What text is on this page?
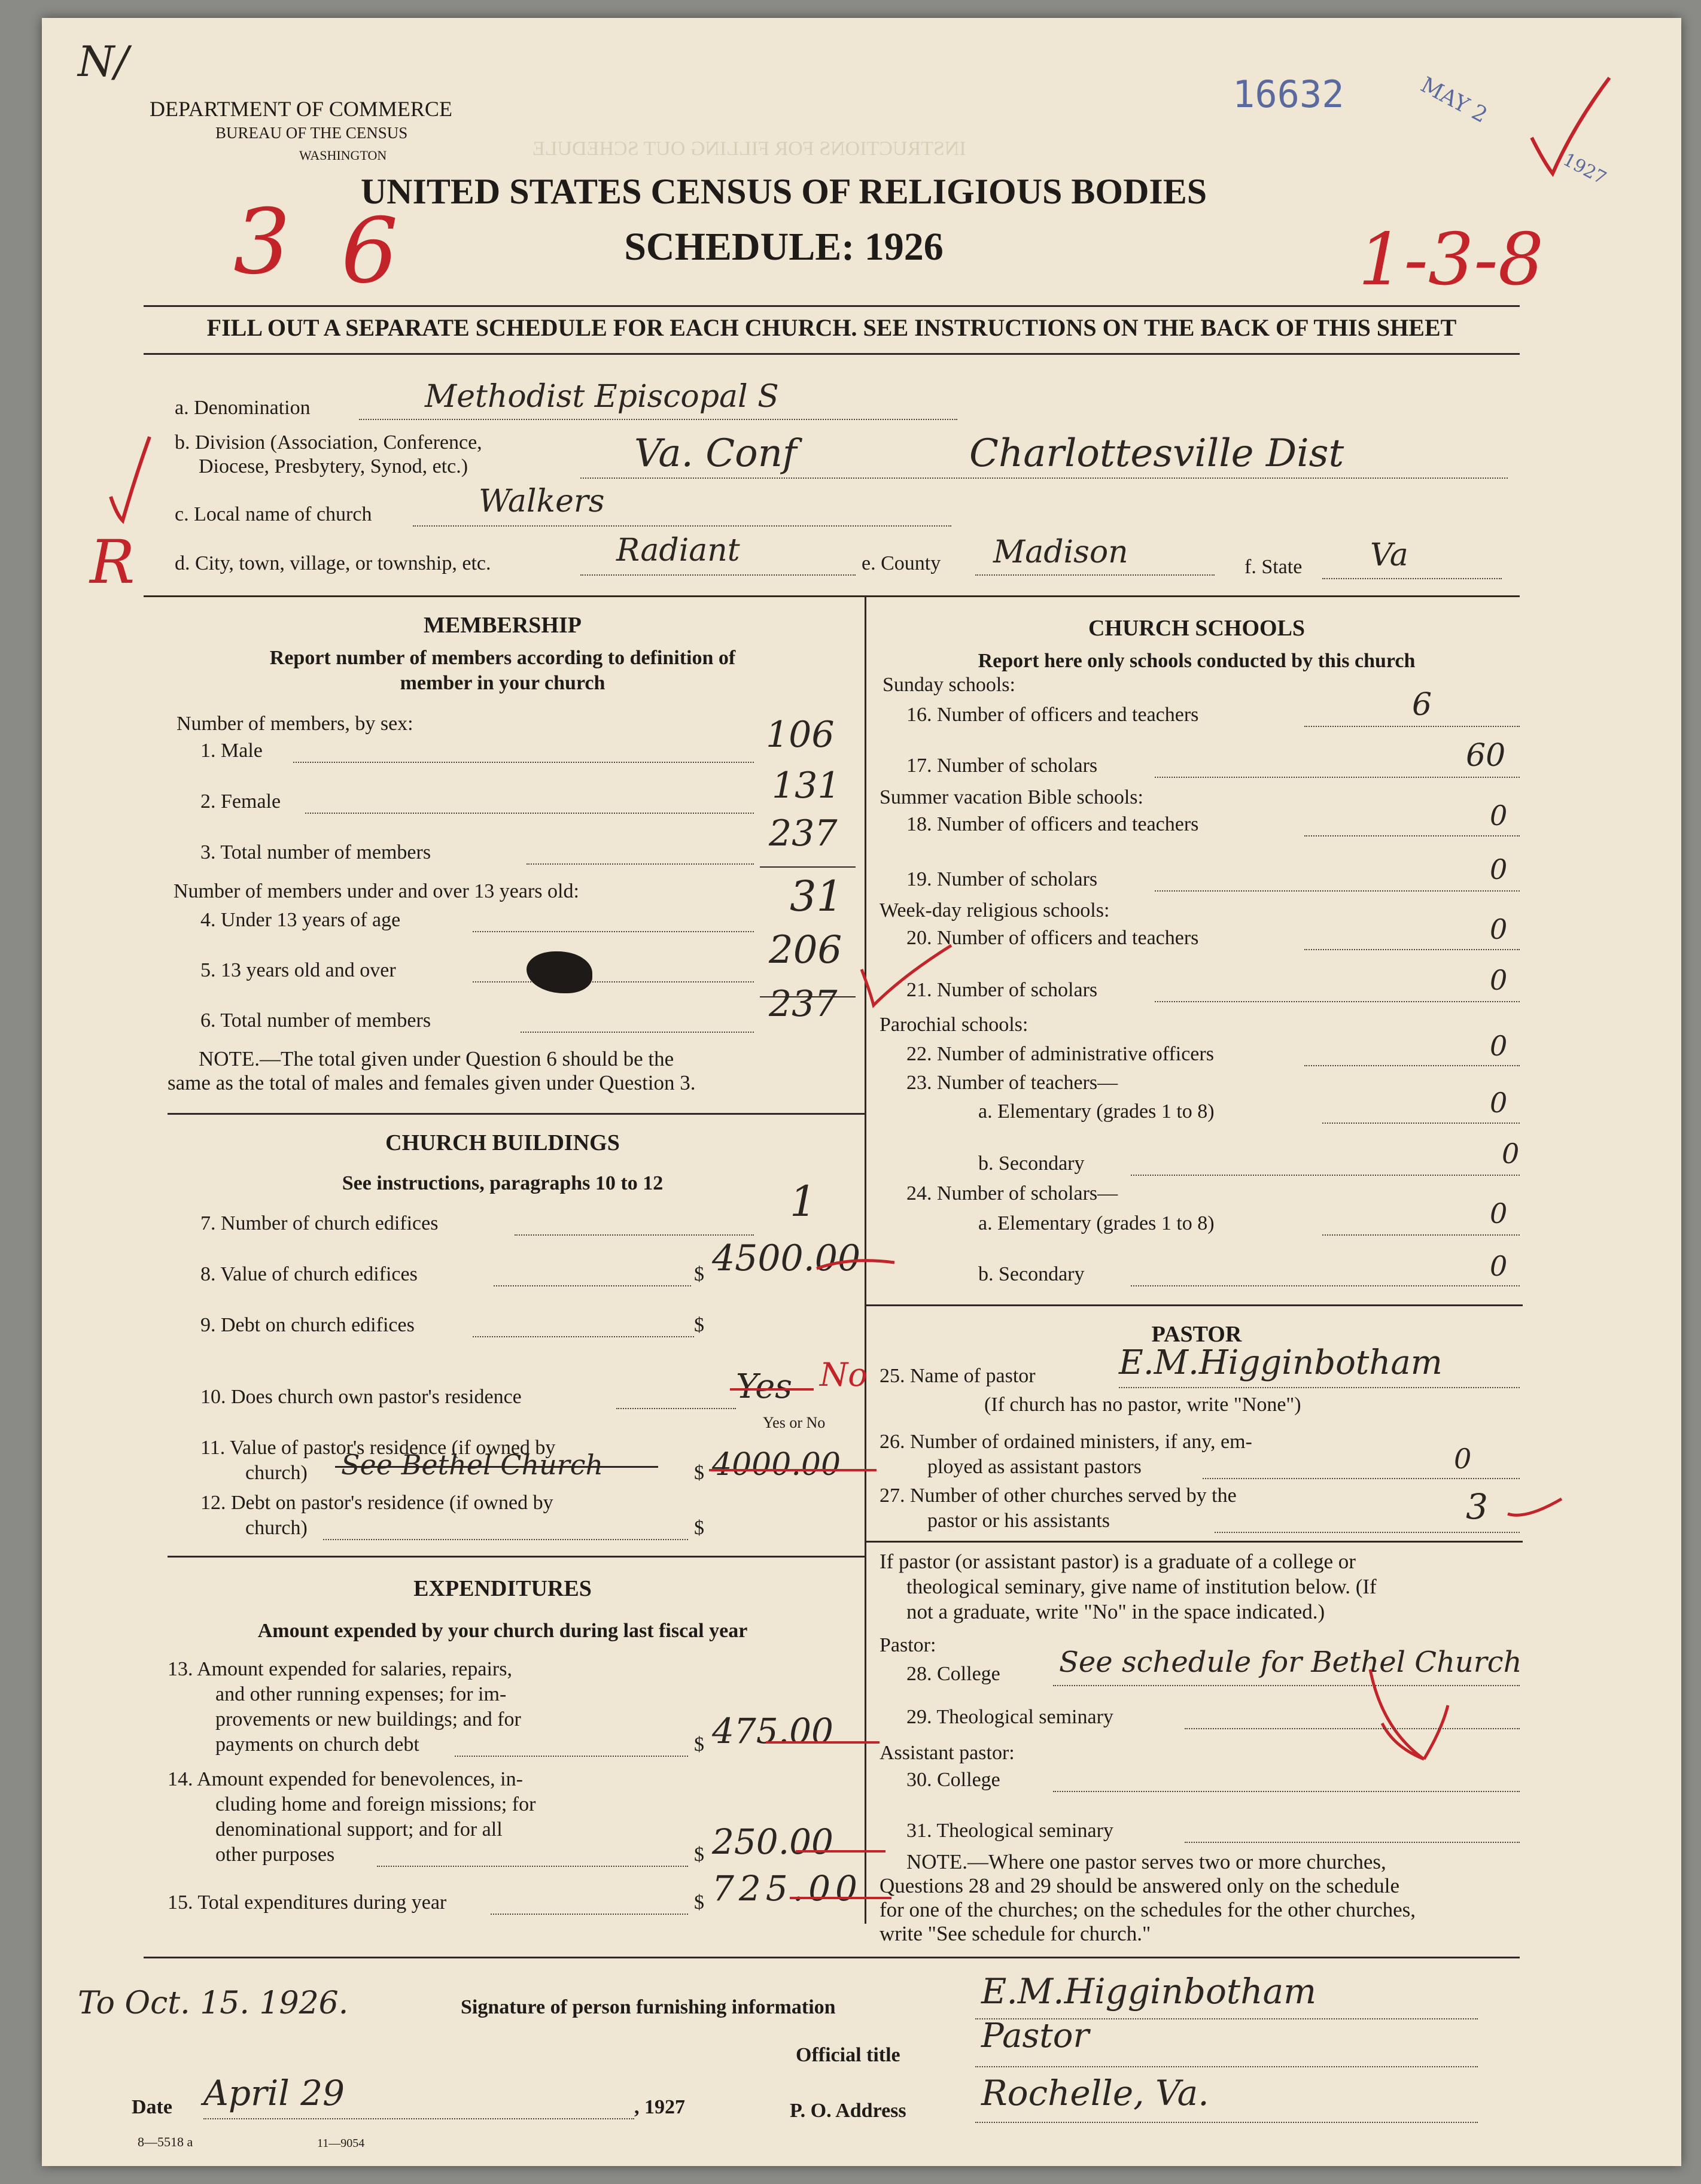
INSTRUCTIONS FOR FILLING OUT SCHEDULE
N/
DEPARTMENT OF COMMERCE
BUREAU OF THE CENSUS
WASHINGTON
UNITED STATES CENSUS OF RELIGIOUS BODIES
SCHEDULE: 1926
16632	MAY 2
1927
3 6	1-3-8
FILL OUT A SEPARATE SCHEDULE FOR EACH CHURCH. SEE INSTRUCTIONS ON THE BACK OF THIS SHEET
a. Denomination	Methodist Episcopal S
b. Division (Association, Conference,
Diocese, Presbytery, Synod, etc.)	Va. Conf	Charlottesville Dist
c. Local name of church	Walkers
d. City, town, village, or township, etc.	Radiant	e. County Madison	f. State Va
R
MEMBERSHIP
Report number of members according to definition of
member in your church
Number of members, by sex:
1. Male	106
2. Female	131
3. Total number of members	237
Number of members under and over 13 years old:
4. Under 13 years of age	31
5. 13 years old and over	206
6. Total number of members	237
NOTE.—The total given under Question 6 should be the
same as the total of males and females given under Question 3.
CHURCH BUILDINGS
See instructions, paragraphs 10 to 12
7. Number of church edifices	1
8. Value of church edifices	$ 4500.00
9. Debt on church edifices	$
10. Does church own pastor's residence	Yes No
Yes or No
11. Value of pastor's residence (if owned by
church) See Bethel Church	$ 4000.00
12. Debt on pastor's residence (if owned by
church)	$
EXPENDITURES
Amount expended by your church during last fiscal year
13. Amount expended for salaries, repairs,
and other running expenses; for im-
provements or new buildings; and for
payments on church debt	$ 475.00
14. Amount expended for benevolences, in-
cluding home and foreign missions; for
denominational support; and for all
other purposes	$ 250.00
15. Total expenditures during year	$ 725.00
CHURCH SCHOOLS
Report here only schools conducted by this church
Sunday schools:
16. Number of officers and teachers	6
17. Number of scholars	60
Summer vacation Bible schools:
18. Number of officers and teachers	0
19. Number of scholars	0
Week-day religious schools:
20. Number of officers and teachers	0
21. Number of scholars	0
Parochial schools:
22. Number of administrative officers	0
23. Number of teachers—
a. Elementary (grades 1 to 8)	0
b. Secondary	0
24. Number of scholars—
a. Elementary (grades 1 to 8)	0
b. Secondary	0
PASTOR
25. Name of pastor E.M.Higginbotham
(If church has no pastor, write "None")
26. Number of ordained ministers, if any, em-
ployed as assistant pastors	0
27. Number of other churches served by the
pastor or his assistants	3
If pastor (or assistant pastor) is a graduate of a college or
theological seminary, give name of institution below. (If
not a graduate, write "No" in the space indicated.)
Pastor:
28. College See schedule for Bethel Church
29. Theological seminary
Assistant pastor:
30. College
31. Theological seminary
NOTE.—Where one pastor serves two or more churches,
Questions 28 and 29 should be answered only on the schedule
for one of the churches; on the schedules for the other churches,
write "See schedule for church."
To Oct. 15. 1926.	Signature of person furnishing information	E.M.Higginbotham
Official title Pastor
Date April 29	, 1927	P. O. Address Rochelle, Va.
8—5518 a	11—9054
